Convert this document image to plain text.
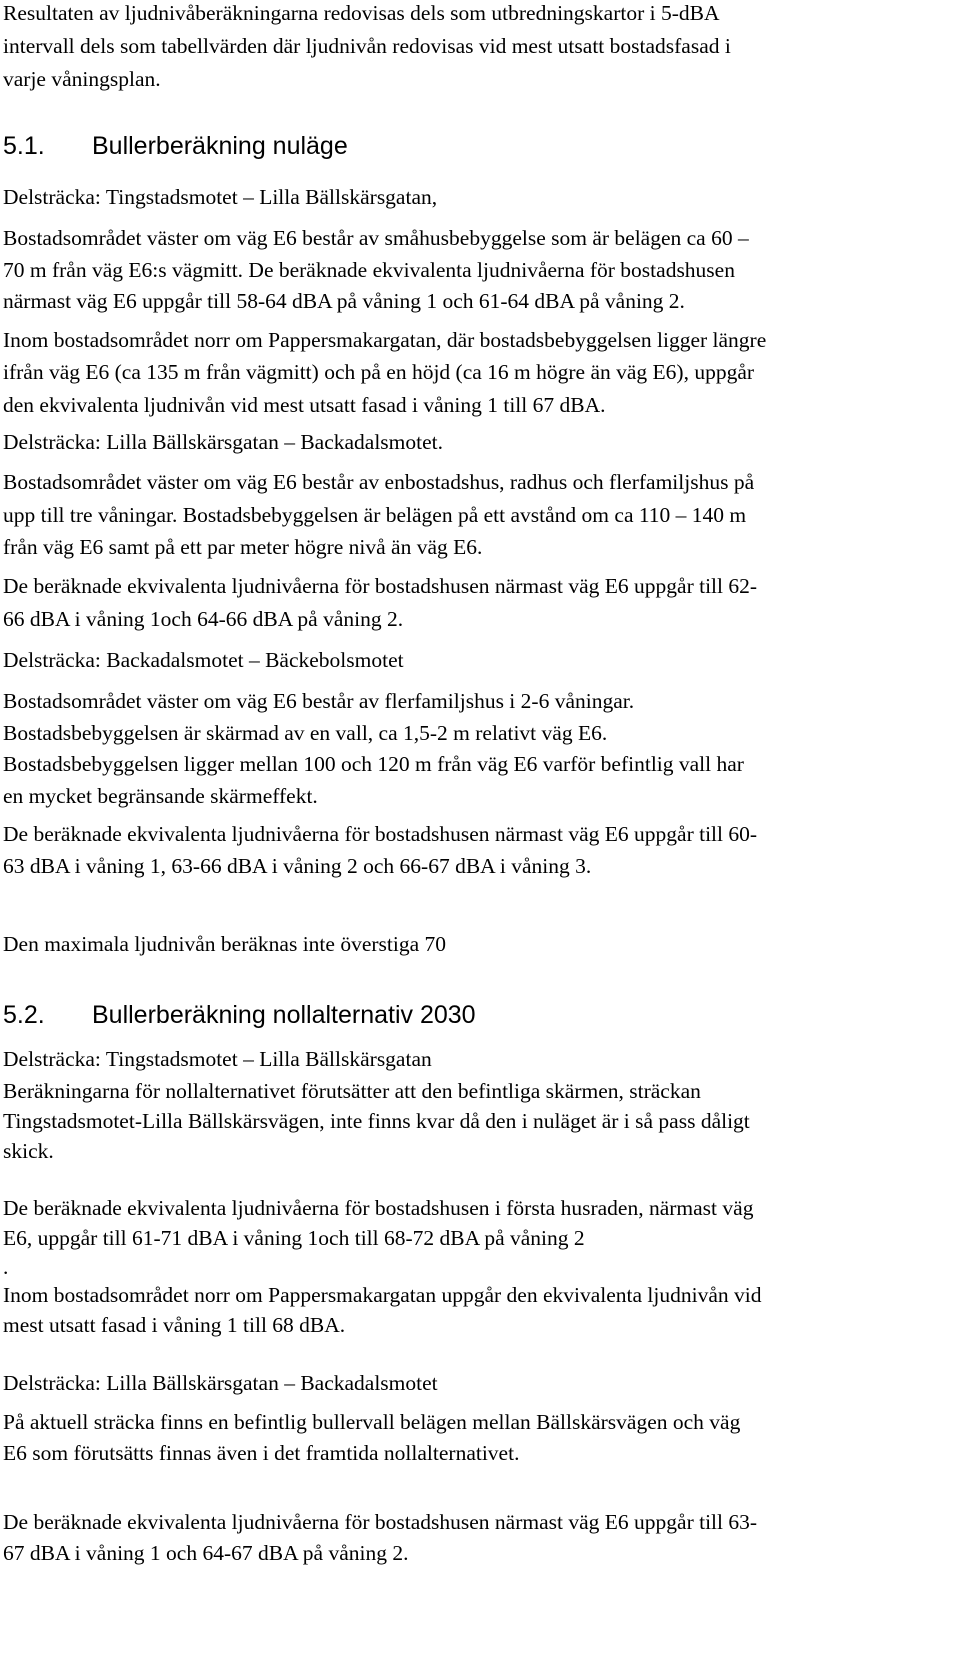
Resultaten av ljudnivåberäkningarna redovisas dels som utbredningskartor i 5-dBA
intervall dels som tabellvärden där ljudnivån redovisas vid mest utsatt bostadsfasad i
varje våningsplan.
5.1. Bullerberäkning nuläge
Delsträcka: Tingstadsmotet – Lilla Bällskärsgatan,
Bostadsområdet väster om väg E6 består av småhusbebyggelse som är belägen ca 60 –
70 m från väg E6:s vägmitt. De beräknade ekvivalenta ljudnivåerna för bostadshusen
närmast väg E6 uppgår till 58-64 dBA på våning 1 och 61-64 dBA på våning 2.
Inom bostadsområdet norr om Pappersmakargatan, där bostadsbebyggelsen ligger längre
ifrån väg E6 (ca 135 m från vägmitt) och på en höjd (ca 16 m högre än väg E6), uppgår
den ekvivalenta ljudnivån vid mest utsatt fasad i våning 1 till 67 dBA.
Delsträcka: Lilla Bällskärsgatan – Backadalsmotet.
Bostadsområdet väster om väg E6 består av enbostadshus, radhus och flerfamiljshus på
upp till tre våningar. Bostadsbebyggelsen är belägen på ett avstånd om ca 110 – 140 m
från väg E6 samt på ett par meter högre nivå än väg E6.
De beräknade ekvivalenta ljudnivåerna för bostadshusen närmast väg E6 uppgår till 62-
66 dBA i våning 1och 64-66 dBA på våning 2.
Delsträcka: Backadalsmotet – Bäckebolsmotet
Bostadsområdet väster om väg E6 består av flerfamiljshus i 2-6 våningar.
Bostadsbebyggelsen är skärmad av en vall, ca 1,5-2 m relativt väg E6.
Bostadsbebyggelsen ligger mellan 100 och 120 m från väg E6 varför befintlig vall har
en mycket begränsande skärmeffekt.
De beräknade ekvivalenta ljudnivåerna för bostadshusen närmast väg E6 uppgår till 60-
63 dBA i våning 1, 63-66 dBA i våning 2 och 66-67 dBA i våning 3.
Den maximala ljudnivån beräknas inte överstiga 70
5.2. Bullerberäkning nollalternativ 2030
Delsträcka: Tingstadsmotet – Lilla Bällskärsgatan
Beräkningarna för nollalternativet förutsätter att den befintliga skärmen, sträckan
Tingstadsmotet-Lilla Bällskärsvägen, inte finns kvar då den i nuläget är i så pass dåligt
skick.
De beräknade ekvivalenta ljudnivåerna för bostadshusen i första husraden, närmast väg
E6, uppgår till 61-71 dBA i våning 1och till 68-72 dBA på våning 2
.
Inom bostadsområdet norr om Pappersmakargatan uppgår den ekvivalenta ljudnivån vid
mest utsatt fasad i våning 1 till 68 dBA.
Delsträcka: Lilla Bällskärsgatan – Backadalsmotet
På aktuell sträcka finns en befintlig bullervall belägen mellan Bällskärsvägen och väg
E6 som förutsätts finnas även i det framtida nollalternativet.
De beräknade ekvivalenta ljudnivåerna för bostadshusen närmast väg E6 uppgår till 63-
67 dBA i våning 1 och 64-67 dBA på våning 2.
